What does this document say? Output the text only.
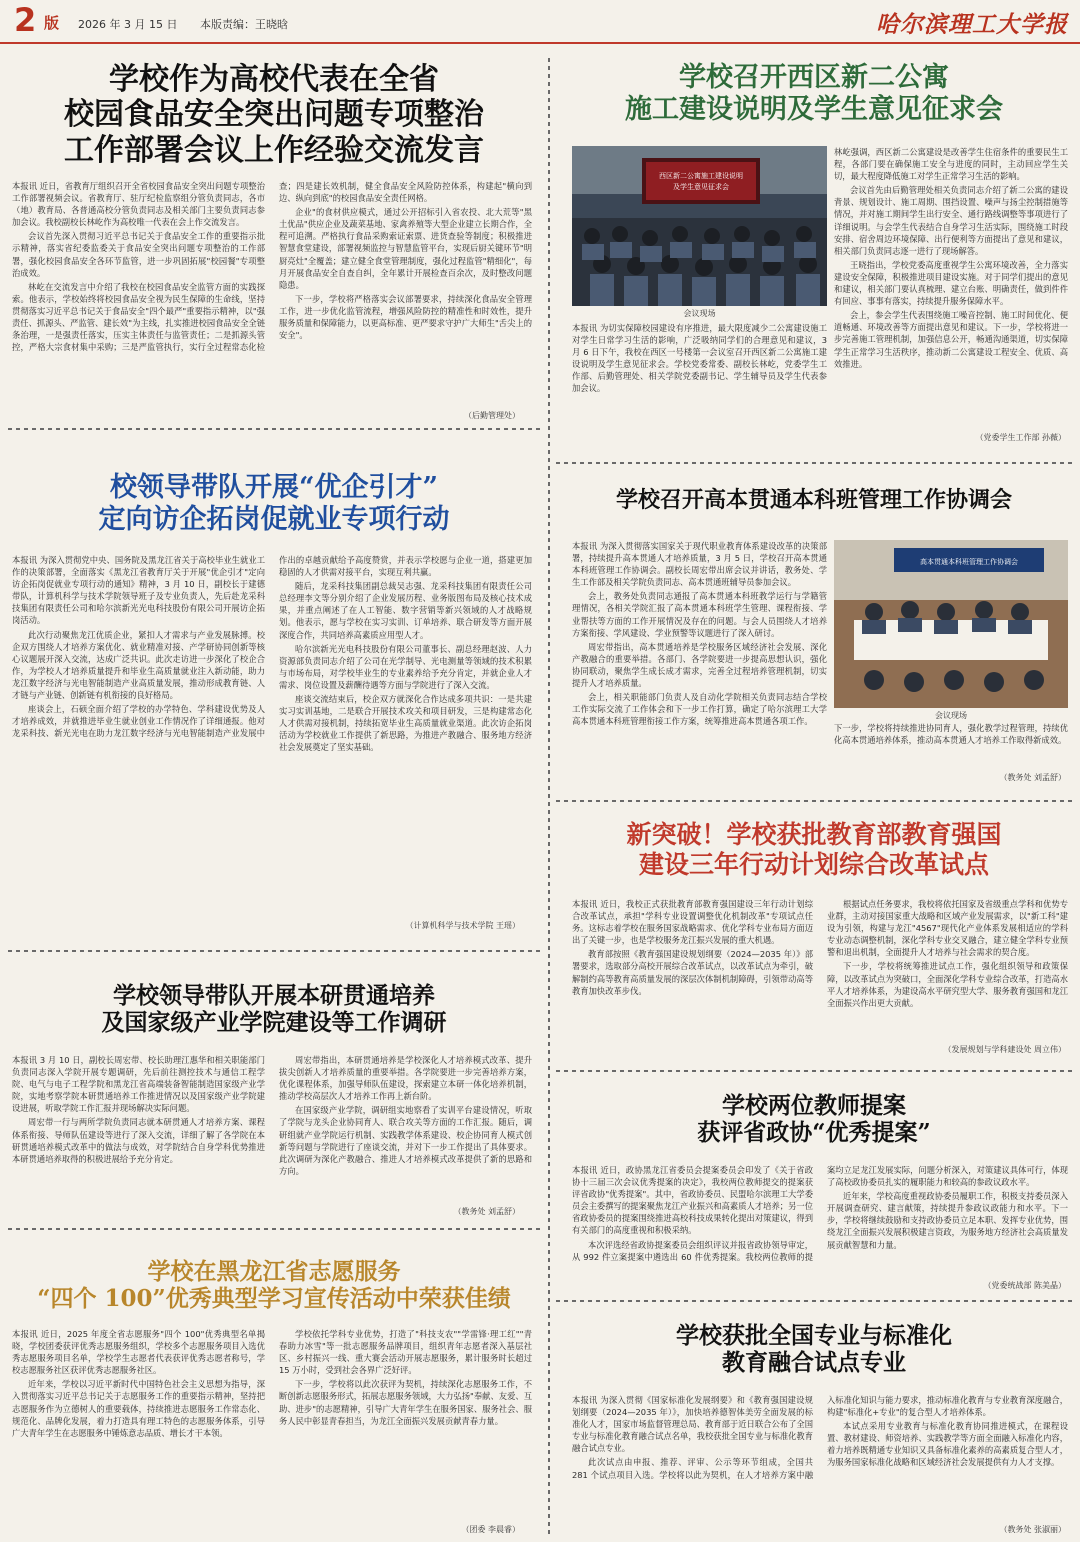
2 版 2026 年 3 月 15 日 本版责编：王晓晗	哈尔滨理工大学报
学校作为高校代表在全省
校园食品安全突出问题专项整治
工作部署会议上作经验交流发言

本报讯 近日，省教育厅组织召开全省校园食品安全突出问题专项整治工作部署视频会议。省教育厅、驻厅纪检监察组分管负责同志，各市（地）教育局、各普通高校分管负责同志及相关部门主要负责同志参加会议。我校副校长林屹作为高校唯一代表在会上作交流发言。

会议首先深入贯彻习近平总书记关于食品安全工作的重要指示批示精神，落实省纪委监委关于食品安全突出问题专项整治的工作部署，强化校园食品安全各环节监管，进一步巩固拓展"校园餐"专项整治成效。

林屹在交流发言中介绍了我校在校园食品安全监管方面的实践探索。他表示，学校始终将校园食品安全视为民生保障的生命线，坚持贯彻落实习近平总书记关于食品安全"四个最严"重要指示精神，以"强责任、抓源头、严监管、建长效"为主线，扎实推进校园食品安全全链条治理，一是强责任落实，压实主体责任与监管责任；二是抓源头管控，严格大宗食材集中采购；三是严监管执行，实行全过程常态化检查；四是建长效机制，健全食品安全风险防控体系，构建起"横向到边、纵向到底"的校园食品安全责任网格。

企业"的食材供应模式，通过公开招标引入省农投、北大荒等"黑土优品"供应企业及蔬菜基地、家禽养殖等大型企业建立长期合作，全程可追溯。严格执行食品采购索证索票、进货查验等制度；积极推进智慧食堂建设，部署视频监控与智慧监管平台，实现后厨关键环节"明厨亮灶"全覆盖；建立健全食堂管理制度，强化过程监管"精细化"，每月开展食品安全自查自纠，全年累计开展检查百余次，及时整改问题隐患。

下一步，学校将严格落实会议部署要求，持续深化食品安全管理工作，进一步优化监管流程，增强风险防控的精准性和时效性，提升服务质量和保障能力，以更高标准、更严要求守护广大师生"舌尖上的安全"。

（后勤管理处）
学校召开西区新二公寓
施工建设说明及学生意见征求会
西区新二公寓施工建设说明
及学生意见征求会
会议现场

本报讯 为切实保障校园建设有序推进，最大限度减少二公寓建设施工对学生日常学习生活的影响，广泛吸纳同学们的合理意见和建议，3 月 6 日下午，我校在西区一号楼第一会议室召开西区新二公寓施工建设说明及学生意见征求会。学校党委常委、副校长林屹，党委学生工作部、后勤管理处、相关学院党委副书记、学生辅导员及学生代表参加会议。

林屹强调，西区新二公寓建设是改善学生住宿条件的重要民生工程，各部门要在确保施工安全与进度的同时，主动回应学生关切，最大程度降低施工对学生正常学习生活的影响。

会议首先由后勤管理处相关负责同志介绍了新二公寓的建设背景、规划设计、施工周期、围挡设置、噪声与扬尘控制措施等情况，并对施工期间学生出行安全、通行路线调整等事项进行了详细说明。与会学生代表结合自身学习生活实际，围绕施工时段安排、宿舍周边环境保障、出行便利等方面提出了意见和建议，相关部门负责同志逐一进行了现场解答。

王晓指出，学校党委高度重视学生公寓环境改善，全力落实建设安全保障，积极推进项目建设实施。对于同学们提出的意见和建议，相关部门要认真梳理、建立台账、明确责任，做到件件有回应、事事有落实，持续提升服务保障水平。

会上，参会学生代表围绕施工噪音控制、施工时间优化、便道畅通、环境改善等方面提出意见和建议。下一步，学校将进一步完善施工管理机制，加强信息公开，畅通沟通渠道，切实保障学生正常学习生活秩序，推动新二公寓建设工程安全、优质、高效推进。

（党委学生工作部 孙薇）
校领导带队开展“优企引才”
定向访企拓岗促就业专项行动

本报讯 为深入贯彻党中央、国务院及黑龙江省关于高校毕业生就业工作的决策部署，全面落实《黑龙江省教育厅关于开展"优企引才"定向访企拓岗促就业专项行动的通知》精神，3 月 10 日，副校长于建德带队，计算机科学与技术学院领导班子及专业负责人，先后赴龙采科技集团有限责任公司和哈尔滨新光光电科技股份有限公司开展访企拓岗活动。

此次行动聚焦龙江优质企业，紧扣人才需求与产业发展脉搏。校企双方围绕人才培养方案优化、就业精准对接、产学研协同创新等核心议题展开深入交流，达成广泛共识。此次走访进一步深化了校企合作，为学校人才培养质量提升和毕业生高质量就业注入新动能，助力龙江数字经济与光电智能制造产业高质量发展，推动形成教育链、人才链与产业链、创新链有机衔接的良好格局。

座谈会上，石硕全面介绍了学校的办学特色、学科建设优势及人才培养成效，并就推进毕业生就业创业工作情况作了详细通报。他对龙采科技、新光光电在助力龙江数字经济与光电智能制造产业发展中作出的卓越贡献给予高度赞赏，并表示学校愿与企业一道，搭建更加稳固的人才供需对接平台，实现互利共赢。

随后，龙采科技集团副总裁吴志强、龙采科技集团有限责任公司总经理李文等分别介绍了企业发展历程、业务版图布局及核心技术成果，并重点阐述了在人工智能、数字营销等新兴领域的人才战略规划。他表示，愿与学校在实习实训、订单培养、联合研发等方面开展深度合作，共同培养高素质应用型人才。

哈尔滨新光光电科技股份有限公司董事长、副总经理赵波、人力资源部负责同志介绍了公司在光学制导、光电测量等领域的技术积累与市场布局，对学校毕业生的专业素养给予充分肯定，并就企业人才需求、岗位设置及薪酬待遇等方面与学院进行了深入交流。

座谈交流结束后，校企双方就深化合作达成多项共识：一是共建实习实训基地，二是联合开展技术攻关和项目研发，三是构建常态化人才供需对接机制，持续拓宽毕业生高质量就业渠道。此次访企拓岗活动为学校就业工作提供了新思路，为推进产教融合、服务地方经济社会发展奠定了坚实基础。

（计算机科学与技术学院 王瑶）
学校召开高本贯通本科班管理工作协调会

本报讯 为深入贯彻落实国家关于现代职业教育体系建设改革的决策部署，持续提升高本贯通人才培养质量，3 月 5 日，学校召开高本贯通本科班管理工作协调会。副校长周宏带出席会议并讲话，教务处、学生工作部及相关学院负责同志、高本贯通班辅导员参加会议。

会上，教务处负责同志通报了高本贯通本科班教学运行与学籍管理情况，各相关学院汇报了高本贯通本科班学生管理、课程衔接、学业帮扶等方面的工作开展情况及存在的问题。与会人员围绕人才培养方案衔接、学风建设、学业预警等议题进行了深入研讨。

周宏带指出，高本贯通培养是学校服务区域经济社会发展、深化产教融合的重要举措。各部门、各学院要进一步提高思想认识，强化协同联动，聚焦学生成长成才需求，完善全过程培养管理机制，切实提升人才培养质量。

会上，相关职能部门负责人及自动化学院相关负责同志结合学校工作实际交流了工作体会和下一步工作打算，确定了哈尔滨理工大学高本贯通本科班管理衔接工作方案，统筹推进高本贯通各项工作。

高本贯通本科班管理工作协调会
会议现场

下一步，学校将持续推进协同育人，强化教学过程管理，持续优化高本贯通培养体系，推动高本贯通人才培养工作取得新成效。

（教务处 刘孟舒）
新突破！学校获批教育部教育强国
建设三年行动计划综合改革试点

本报讯 近日，我校正式获批教育部教育强国建设三年行动计划综合改革试点，承担"学科专业设置调整优化机制改革"专项试点任务。这标志着学校在服务国家战略需求、优化学科专业布局方面迈出了关键一步，也是学校服务龙江振兴发展的重大机遇。

教育部按照《教育强国建设规划纲要（2024—2035 年）》部署要求，选取部分高校开展综合改革试点，以改革试点为牵引，破解制约高等教育高质量发展的深层次体制机制障碍，引领带动高等教育加快改革步伐。

根据试点任务要求，我校将依托国家及省级重点学科和优势专业群，主动对接国家重大战略和区域产业发展需求，以"新工科"建设为引领，构建与龙江"4567"现代化产业体系发展相适应的学科专业动态调整机制，深化学科专业交叉融合，建立健全学科专业预警和退出机制，全面提升人才培养与社会需求的契合度。

下一步，学校将统筹推进试点工作，强化组织领导和政策保障，以改革试点为突破口，全面深化学科专业综合改革，打造高水平人才培养体系，为建设高水平研究型大学、服务教育强国和龙江全面振兴作出更大贡献。

（发展规划与学科建设处 周立伟）
学校领导带队开展本研贯通培养
及国家级产业学院建设等工作调研

本报讯 3 月 10 日，副校长周宏带、校长助理江惠华和相关职能部门负责同志深入学院开展专题调研，先后前往测控技术与通信工程学院、电气与电子工程学院和黑龙江省高端装备智能制造国家级产业学院，实地考察学院本研贯通培养工作推进情况以及国家级产业学院建设进展，听取学院工作汇报并现场解决实际问题。

周宏带一行与两所学院负责同志就本研贯通人才培养方案、课程体系衔接、导师队伍建设等进行了深入交流，详细了解了各学院在本研贯通培养模式改革中的做法与成效，对学院结合自身学科优势推进本研贯通培养取得的积极进展给予充分肯定。

周宏带指出，本研贯通培养是学校深化人才培养模式改革、提升拔尖创新人才培养质量的重要举措。各学院要进一步完善培养方案，优化课程体系，加强导师队伍建设，探索建立本研一体化培养机制，推动学校高层次人才培养工作再上新台阶。

在国家级产业学院，调研组实地察看了实训平台建设情况，听取了学院与龙头企业协同育人、联合攻关等方面的工作汇报。随后，调研组就产业学院运行机制、实践教学体系建设、校企协同育人模式创新等问题与学院进行了座谈交流，并对下一步工作提出了具体要求。此次调研为深化产教融合、推进人才培养模式改革提供了新的思路和方向。

（教务处 刘孟舒）
学校两位教师提案
获评省政协“优秀提案”

本报讯 近日，政协黑龙江省委员会提案委员会印发了《关于省政协十三届三次会议优秀提案的决定》，我校两位教师提交的提案获评省政协"优秀提案"。其中，省政协委员、民盟哈尔滨理工大学委员会主委撰写的提案聚焦龙江产业振兴和高素质人才培养；另一位省政协委员的提案围绕推进高校科技成果转化提出对策建议，得到有关部门的高度重视和积极采纳。

本次评选经省政协提案委员会组织评议并报省政协领导审定，从 992 件立案提案中遴选出 60 件优秀提案。我校两位教师的提案均立足龙江发展实际，问题分析深入，对策建议具体可行，体现了高校政协委员扎实的履职能力和较高的参政议政水平。

近年来，学校高度重视政协委员履职工作，积极支持委员深入开展调查研究、建言献策，持续提升参政议政能力和水平。下一步，学校将继续鼓励和支持政协委员立足本职、发挥专业优势，围绕龙江全面振兴发展积极建言资政，为服务地方经济社会高质量发展贡献智慧和力量。

（党委统战部 陈美晶）
学校在黑龙江省志愿服务
“四个 100”优秀典型学习宣传活动中荣获佳绩

本报讯 近日，2025 年度全省志愿服务"四个 100"优秀典型名单揭晓，学校团委获评优秀志愿服务组织，学校多个志愿服务项目入选优秀志愿服务项目名单，学校学生志愿者代表获评优秀志愿者称号，学校志愿服务社区获评优秀志愿服务社区。

近年来，学校以习近平新时代中国特色社会主义思想为指导，深入贯彻落实习近平总书记关于志愿服务工作的重要指示精神，坚持把志愿服务作为立德树人的重要载体，持续推进志愿服务工作常态化、规范化、品牌化发展，着力打造具有理工特色的志愿服务体系，引导广大青年学生在志愿服务中锤炼意志品质、增长才干本领。

学校依托学科专业优势，打造了"科技支农""学雷锋·理工红""青春助力冰雪"等一批志愿服务品牌项目，组织青年志愿者深入基层社区、乡村振兴一线、重大赛会活动开展志愿服务，累计服务时长超过 15 万小时，受到社会各界广泛好评。

下一步，学校将以此次获评为契机，持续深化志愿服务工作，不断创新志愿服务形式，拓展志愿服务领域，大力弘扬"奉献、友爱、互助、进步"的志愿精神，引导广大青年学生在服务国家、服务社会、服务人民中彰显青春担当，为龙江全面振兴发展贡献青春力量。

（团委 李晨睿）
学校获批全国专业与标准化
教育融合试点专业

本报讯 为深入贯彻《国家标准化发展纲要》和《教育强国建设规划纲要（2024—2035 年）》，加快培养德智体美劳全面发展的标准化人才，国家市场监督管理总局、教育部于近日联合公布了全国专业与标准化教育融合试点名单，我校获批全国专业与标准化教育融合试点专业。

此次试点由申报、推荐、评审、公示等环节组成，全国共 281 个试点项目入选。学校将以此为契机，在人才培养方案中融入标准化知识与能力要求，推动标准化教育与专业教育深度融合，构建"标准化+专业"的复合型人才培养体系。

本试点采用专业教育与标准化教育协同推进模式，在课程设置、教材建设、师资培养、实践教学等方面全面融入标准化内容，着力培养既精通专业知识又具备标准化素养的高素质复合型人才，为服务国家标准化战略和区域经济社会发展提供有力人才支撑。

（教务处 张淑丽）
